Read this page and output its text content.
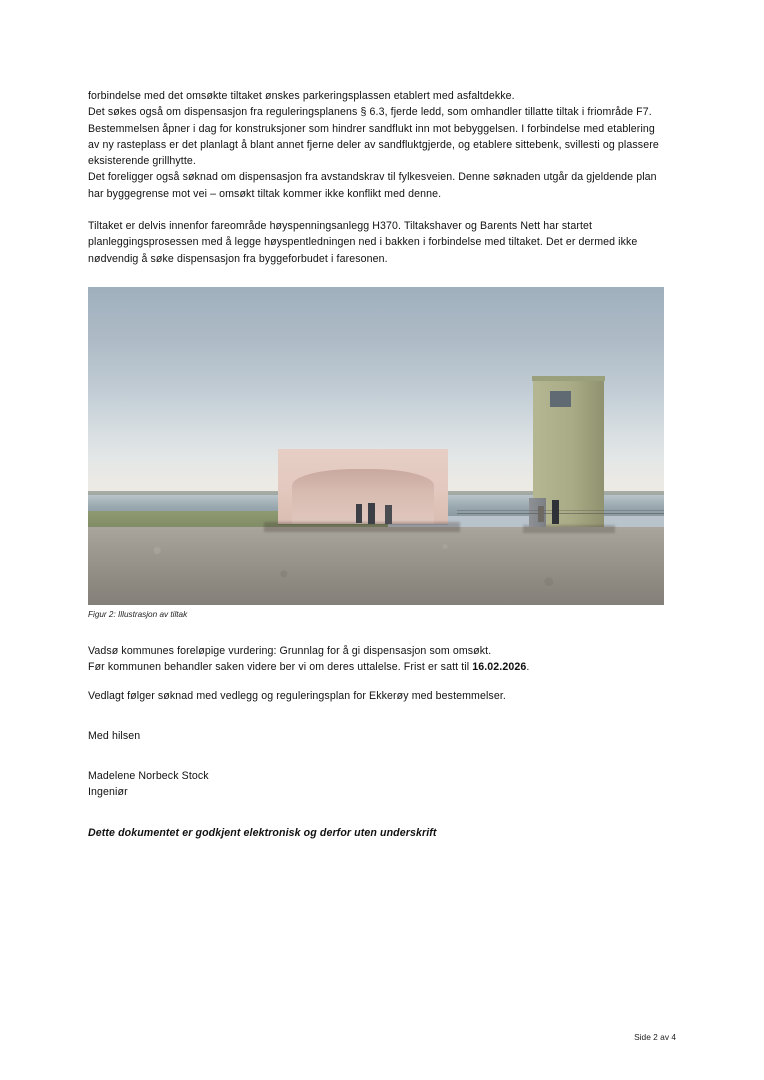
forbindelse med det omsøkte tiltaket ønskes parkeringsplassen etablert med asfaltdekke.

Det søkes også om dispensasjon fra reguleringsplanens § 6.3, fjerde ledd, som omhandler tillatte tiltak i friområde F7. Bestemmelsen åpner i dag for konstruksjoner som hindrer sandflukt inn mot bebyggelsen. I forbindelse med etablering av ny rasteplass er det planlagt å blant annet fjerne deler av sandfluktgjerde, og etablere sittebenk, svillesti og plassere eksisterende grillhytte.

Det foreligger også søknad om dispensasjon fra avstandskrav til fylkesveien. Denne søknaden utgår da gjeldende plan har byggegrense mot vei – omsøkt tiltak kommer ikke konflikt med denne.

Tiltaket er delvis innenfor fareområde høyspenningsanlegg H370. Tiltakshaver og Barents Nett har startet planleggingsprosessen med å legge høyspentledningen ned i bakken i forbindelse med tiltaket. Det er dermed ikke nødvendig å søke dispensasjon fra byggeforbudet i faresonen.

Figur 2: Illustrasjon av tiltak

Vadsø kommunes foreløpige vurdering: Grunnlag for å gi dispensasjon som omsøkt.

Før kommunen behandler saken videre ber vi om deres uttalelse. Frist er satt til 16.02.2026.

Vedlagt følger søknad med vedlegg og reguleringsplan for Ekkerøy med bestemmelser.

Med hilsen

Madelene Norbeck Stock

Ingeniør

Dette dokumentet er godkjent elektronisk og derfor uten underskrift

Side 2 av 4
